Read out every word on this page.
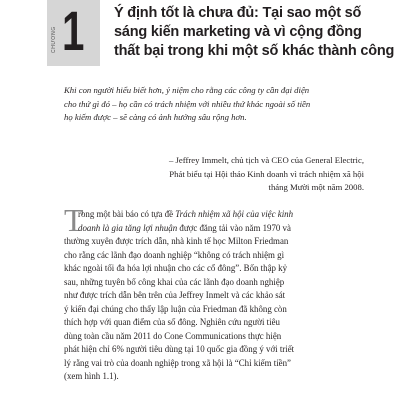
CHƯƠNG 1 Ý định tốt là chưa đủ: Tại sao một số
sáng kiến marketing và vì cộng đồng
thất bại trong khi một số khác thành công
Khi con người hiểu biết hơn, ý niệm cho rằng các công ty cần đại diện
cho thứ gì đó – họ cần có trách nhiệm với nhiều thứ khác ngoài số tiền
họ kiếm được – sẽ càng có ảnh hưởng sâu rộng hơn.
– Jeffrey Immelt, chủ tịch và CEO của General Electric,
Phát biểu tại Hội thảo Kinh doanh vì trách nhiệm xã hội
tháng Mười một năm 2008.
T
rong một bài báo có tựa đề Trách nhiệm xã hội của việc kinh
doanh là gia tăng lợi nhuận được đăng tải vào năm 1970 và
thường xuyên được trích dẫn, nhà kinh tế học Milton Friedman
cho rằng các lãnh đạo doanh nghiệp “không có trách nhiệm gì
khác ngoài tối đa hóa lợi nhuận cho các cổ đông”. Bốn thập kỷ
sau, những tuyên bố công khai của các lãnh đạo doanh nghiệp
như được trích dẫn bên trên của Jeffrey Inmelt và các khảo sát
ý kiến đại chúng cho thấy lập luận của Friedman đã không còn
thích hợp với quan điểm của số đông. Nghiên cứu người tiêu
dùng toàn cầu năm 2011 do Cone Communications thực hiện
phát hiện chỉ 6% người tiêu dùng tại 10 quốc gia đồng ý với triết
lý rằng vai trò của doanh nghiệp trong xã hội là “Chỉ kiếm tiền”
(xem hình 1.1).
